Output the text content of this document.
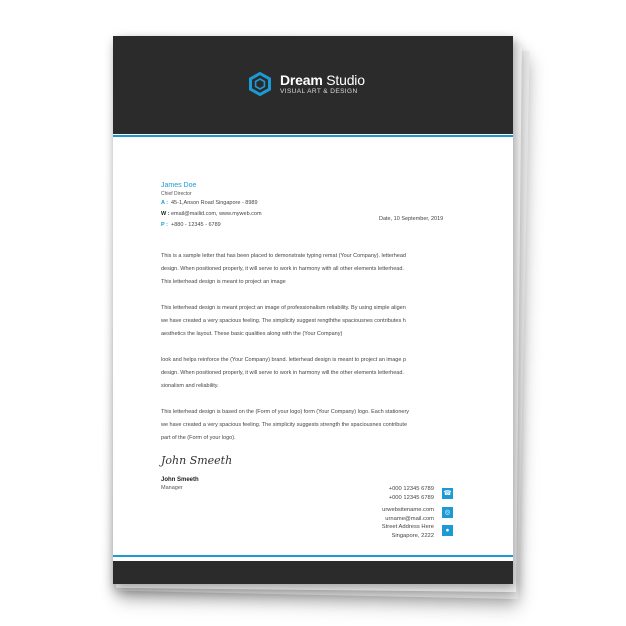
Dream Studio
VISUAL ART & DESIGN
James Doe
Chief Director
A : 45-1,Anson Road Singapore - 8989
W :email@mailid.com, www.myweb.com
P : +880 - 12345 - 6789
Date, 10 September, 2019
This is a sample letter that has been placed to demonstrate typing remat (Your Company). letterhead
design. When positioned properly, it will serve to work in harmony with all other elements letterhead.
This letterhead design is meant to project an image
This letterhead design is meant project an image of professionalism reliability. By using simple aligen
we have created a very spacious feeling. The simplicity suggest rengththe spaciousnes contributes h
aesthetics the layout. These basic qualities along with the (Your Company)
look and helps reinforce the (Your Company) brand. letterhead design is meant to project an image p
design. When positioned properly, it will serve to work in harmony will the other elements letterhead.
sionalism and reliability.
This letterhead design is based on the (Form of your logo) form (Your Company) logo. Each stationery
we have created a very spacious feeling. The simplicity suggests strength the spaciousnes contribute
part of the (Form of your logo).
John Smeeth
John Smeeth
Manager	+000 12345 6789
+000 12345 6789
☎
urwebsitename.com
urname@mail.com
◎
Street Address Here
Singapore, 2222
●
